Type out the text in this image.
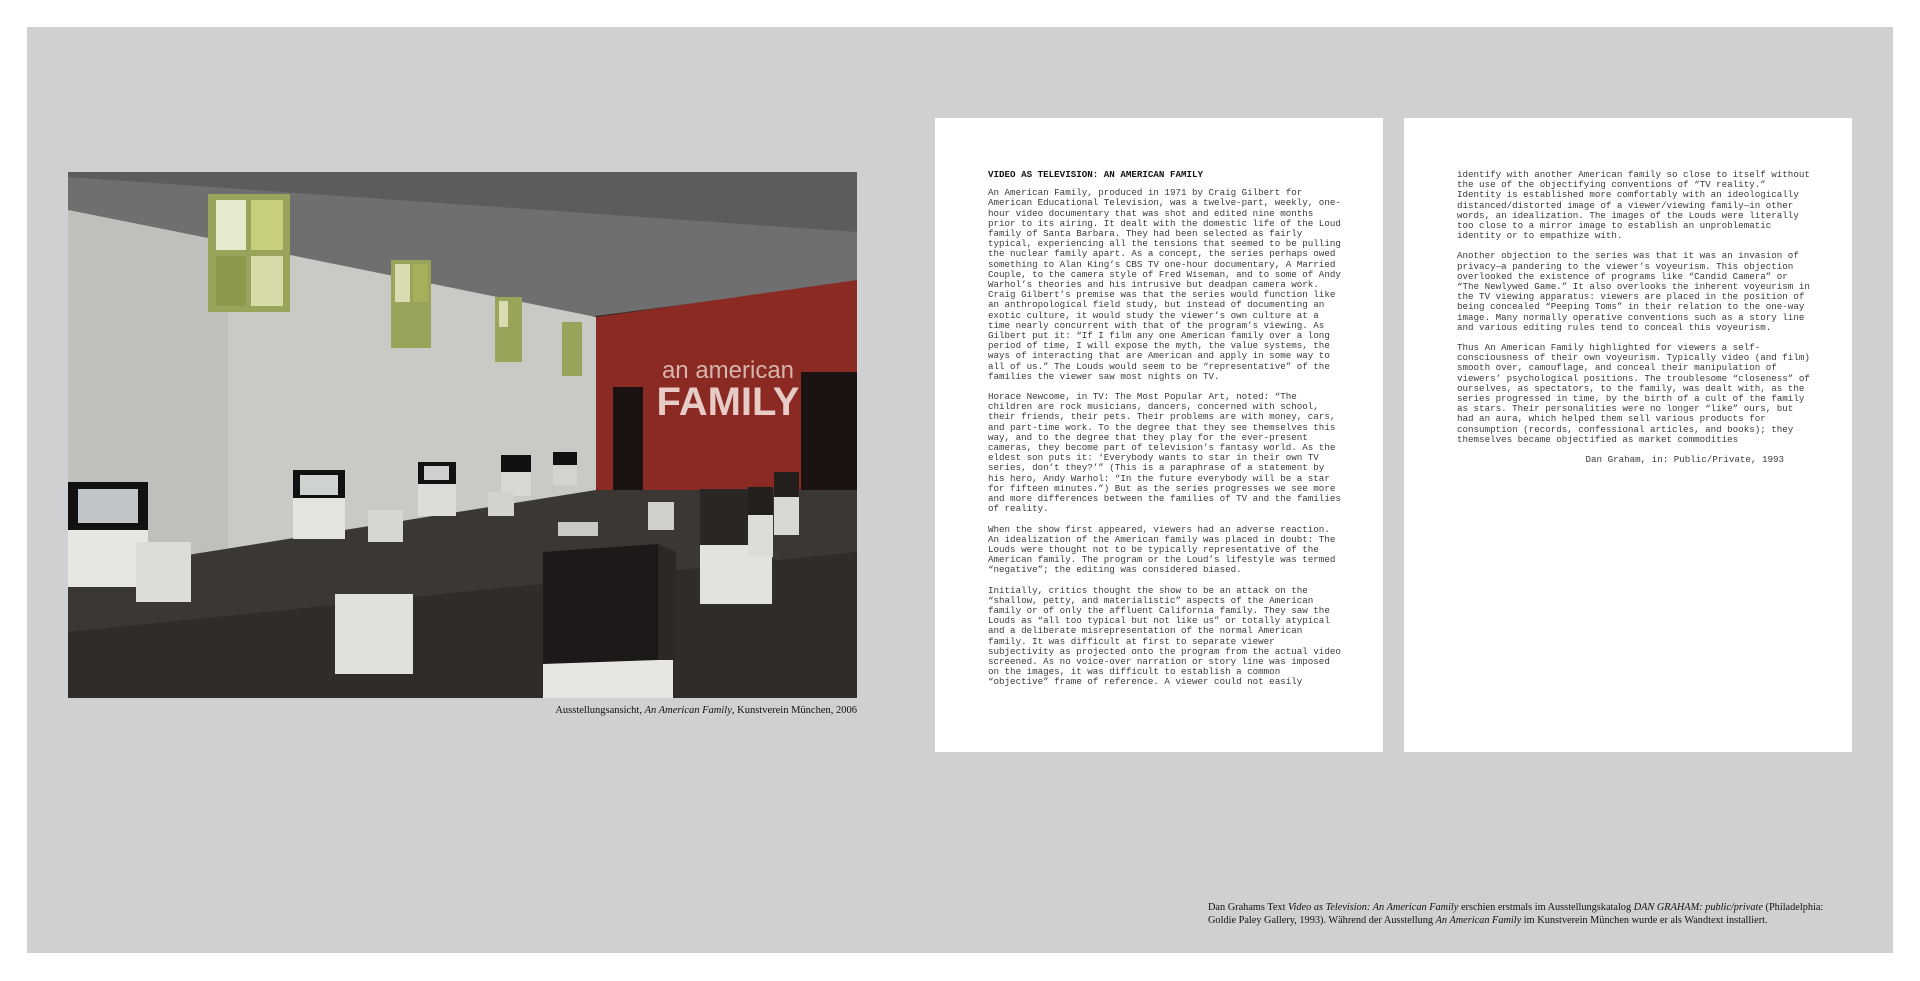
an american
FAMILY
Ausstellungsansicht, An American Family, Kunstverein München, 2006

VIDEO AS TELEVISION: AN AMERICAN FAMILY

An American Family, produced in 1971 by Craig Gilbert for American Educational Television, was a twelve-part, weekly, one-hour video documentary that was shot and edited nine months prior to its airing. It dealt with the domestic life of the Loud family of Santa Barbara. They had been selected as fairly typical, experiencing all the tensions that seemed to be pulling the nuclear family apart. As a concept, the series perhaps owed something to Alan King’s CBS TV one-hour documentary, A Married Couple, to the camera style of Fred Wiseman, and to some of Andy Warhol’s theories and his intrusive but deadpan camera work. Craig Gilbert’s premise was that the series would function like an anthropological field study, but instead of documenting an exotic culture, it would study the viewer’s own culture at a time nearly concurrent with that of the program’s viewing. As Gilbert put it: “If I film any one American family over a long period of time, I will expose the myth, the value systems, the ways of interacting that are American and apply in some way to all of us.” The Louds would seem to be “representative” of the families the viewer saw most nights on TV.

Horace Newcome, in TV: The Most Popular Art, noted: “The children are rock musicians, dancers, concerned with school, their friends, their pets. Their problems are with money, cars, and part-time work. To the degree that they see themselves this way, and to the degree that they play for the ever-present cameras, they become part of television’s fantasy world. As the eldest son puts it: ‘Everybody wants to star in their own TV series, don’t they?’” (This is a paraphrase of a statement by his hero, Andy Warhol: “In the future everybody will be a star for fifteen minutes.”) But as the series progresses we see more and more differences between the families of TV and the families of reality.

When the show first appeared, viewers had an adverse reaction. An idealization of the American family was placed in doubt: The Louds were thought not to be typically representative of the American family. The program or the Loud’s lifestyle was termed “negative”; the editing was considered biased.

Initially, critics thought the show to be an attack on the “shallow, petty, and materialistic” aspects of the American family or of only the affluent California family. They saw the Louds as “all too typical but not like us” or totally atypical and a deliberate misrepresentation of the normal American family. It was difficult at first to separate viewer subjectivity as projected onto the program from the actual video screened. As no voice-over narration or story line was imposed on the images, it was difficult to establish a common “objective” frame of reference. A viewer could not easily

identify with another American family so close to itself without the use of the objectifying conventions of “TV reality.” Identity is established more comfortably with an ideologically distanced/distorted image of a viewer/viewing family—in other words, an idealization. The images of the Louds were literally too close to a mirror image to establish an unproblematic identity or to empathize with.

Another objection to the series was that it was an invasion of privacy—a pandering to the viewer’s voyeurism. This objection overlooked the existence of programs like “Candid Camera” or “The Newlywed Game.” It also overlooks the inherent voyeurism in the TV viewing apparatus: viewers are placed in the position of being concealed “Peeping Toms” in their relation to the one-way image. Many normally operative conventions such as a story line and various editing rules tend to conceal this voyeurism.

Thus An American Family highlighted for viewers a self-consciousness of their own voyeurism. Typically video (and film) smooth over, camouflage, and conceal their manipulation of viewers’ psychological positions. The troublesome “closeness” of ourselves, as spectators, to the family, was dealt with, as the series progressed in time, by the birth of a cult of the family as stars. Their personalities were no longer “like” ours, but had an aura, which helped them sell various products for consumption (records, confessional articles, and books); they themselves became objectified as market commodities

Dan Graham, in: Public/Private, 1993

Dan Grahams Text Video as Television: An American Family erschien erstmals im Ausstellungskatalog DAN GRAHAM: public/private (Philadelphia: Goldie Paley Gallery, 1993). Während der Ausstellung An American Family im Kunstverein München wurde er als Wandtext installiert.
